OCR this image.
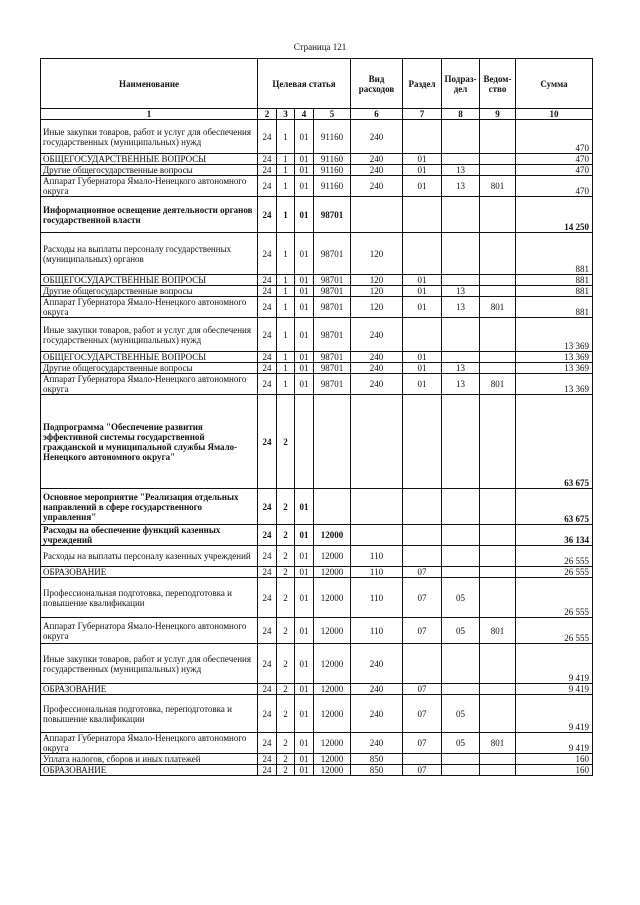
Страница 121
Наименование	Целевая статья				Вид расходов	Раздел	Подраз-дел	Ведом-ство	Сумма
1	2	3	4	5	6	7	8	9	10
Иные закупки товаров, работ и услуг для обеспечения государственных (муниципальных) нужд	24	1	01	91160	240				470
ОБЩЕГОСУДАРСТВЕННЫЕ ВОПРОСЫ	24	1	01	91160	240	01			470
Другие общегосударственные вопросы	24	1	01	91160	240	01	13		470
Аппарат Губернатора Ямало-Ненецкого автономного округа	24	1	01	91160	240	01	13	801	470
Информационное освещение деятельности органов государственной власти	24	1	01	98701					14 250
Расходы на выплаты персоналу государственных (муниципальных) органов	24	1	01	98701	120				881
ОБЩЕГОСУДАРСТВЕННЫЕ ВОПРОСЫ	24	1	01	98701	120	01			881
Другие общегосударственные вопросы	24	1	01	98701	120	01	13		881
Аппарат Губернатора Ямало-Ненецкого автономного округа	24	1	01	98701	120	01	13	801	881
Иные закупки товаров, работ и услуг для обеспечения государственных (муниципальных) нужд	24	1	01	98701	240				13 369
ОБЩЕГОСУДАРСТВЕННЫЕ ВОПРОСЫ	24	1	01	98701	240	01			13 369
Другие общегосударственные вопросы	24	1	01	98701	240	01	13		13 369
Аппарат Губернатора Ямало-Ненецкого автономного округа	24	1	01	98701	240	01	13	801	13 369
Подпрограмма "Обеспечение развития эффективной системы государственной гражданской и муниципальной службы Ямало-Ненецкого автономного округа"	24	2							63 675
Основное мероприятие "Реализация отдельных направлений в сфере государственного управления"	24	2	01						63 675
Расходы на обеспечение функций казенных учреждений	24	2	01	12000					36 134
Расходы на выплаты персоналу казенных учреждений	24	2	01	12000	110				26 555
ОБРАЗОВАНИЕ	24	2	01	12000	110	07			26 555
Профессиональная подготовка, переподготовка и повышение квалификации	24	2	01	12000	110	07	05		26 555
Аппарат Губернатора Ямало-Ненецкого автономного округа	24	2	01	12000	110	07	05	801	26 555
Иные закупки товаров, работ и услуг для обеспечения государственных (муниципальных) нужд	24	2	01	12000	240				9 419
ОБРАЗОВАНИЕ	24	2	01	12000	240	07			9 419
Профессиональная подготовка, переподготовка и повышение квалификации	24	2	01	12000	240	07	05		9 419
Аппарат Губернатора Ямало-Ненецкого автономного округа	24	2	01	12000	240	07	05	801	9 419
Уплата налогов, сборов и иных платежей	24	2	01	12000	850				160
ОБРАЗОВАНИЕ	24	2	01	12000	850	07			160
